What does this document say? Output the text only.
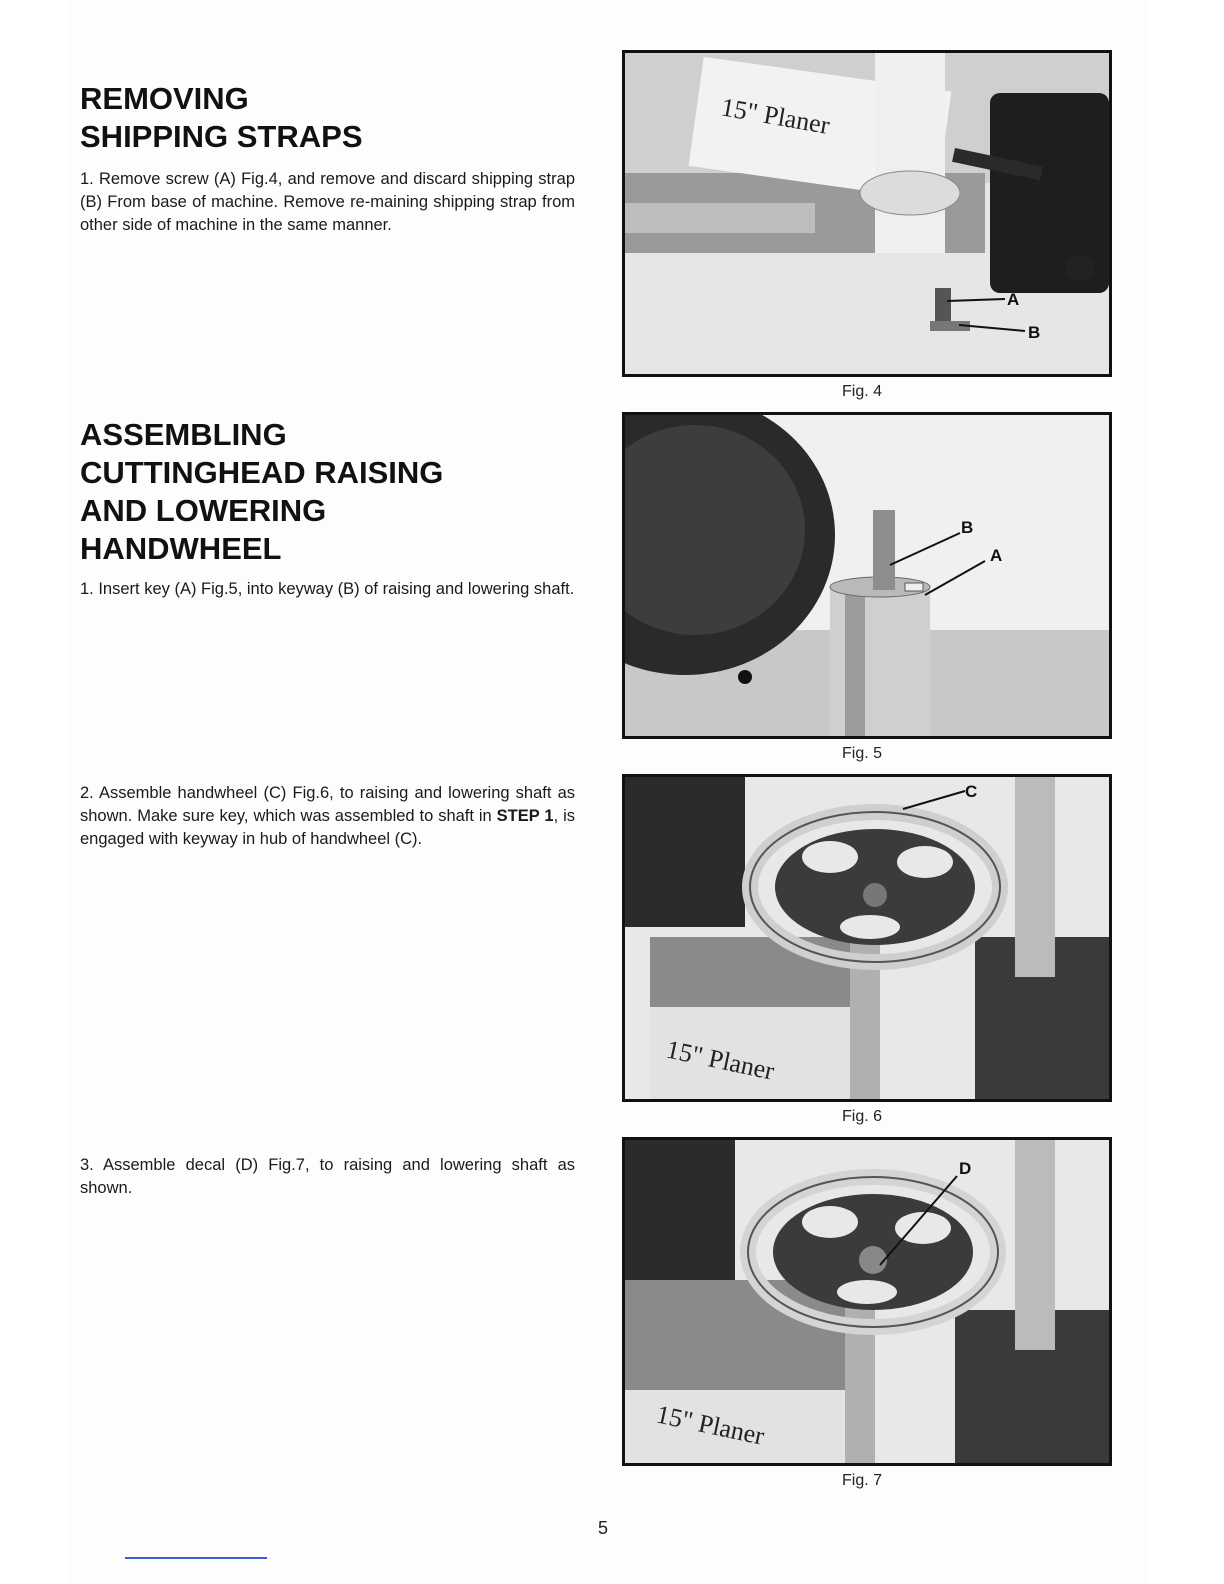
REMOVING
SHIPPING STRAPS

1. Remove screw (A) Fig.4, and remove and discard shipping strap (B) From base of machine. Remove re-maining shipping strap from other side of machine in the same manner.

ASSEMBLING
CUTTINGHEAD RAISING
AND LOWERING
HANDWHEEL

1. Insert key (A) Fig.5, into keyway (B) of raising and lowering shaft.

2. Assemble handwheel (C) Fig.6, to raising and lowering shaft as shown. Make sure key, which was assembled to shaft in STEP 1, is engaged with keyway in hub of handwheel (C).

3. Assemble decal (D) Fig.7, to raising and lowering shaft as shown.

15" Planer
A
B
Fig. 4
B
A
Fig. 5
15" Planer
C
Fig. 6
15" Planer
D
Fig. 7
5
